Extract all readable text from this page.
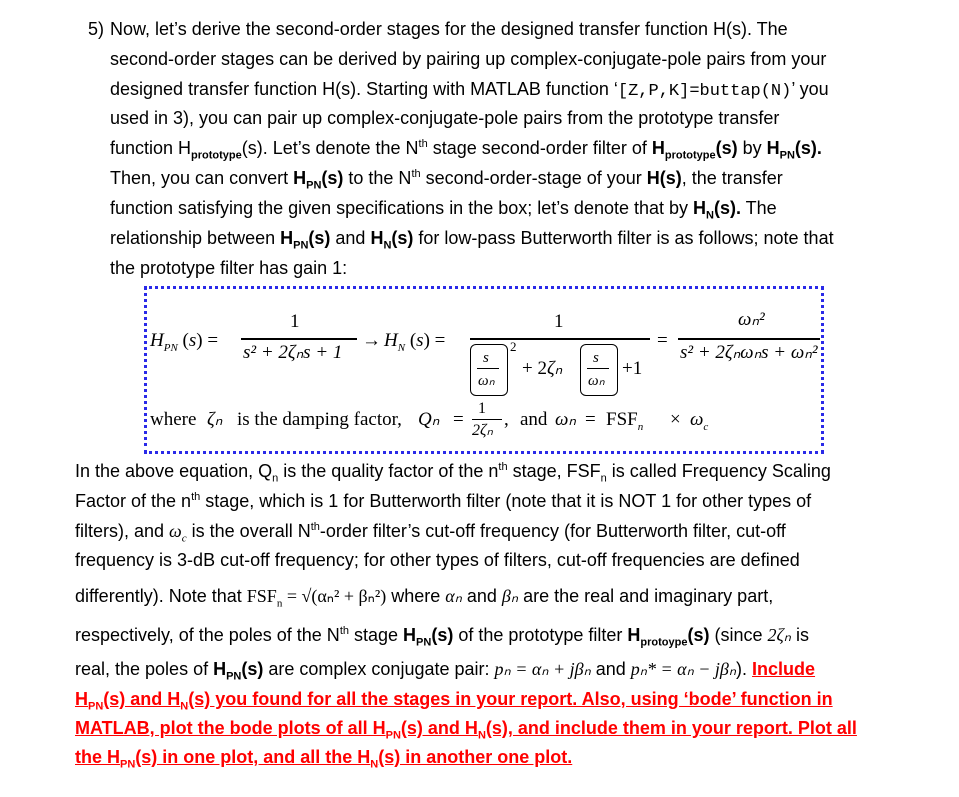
5) Now, let’s derive the second-order stages for the designed transfer function H(s). The
second-order stages can be derived by pairing up complex-conjugate-pole pairs from your
designed transfer function H(s). Starting with MATLAB function ‘[Z,P,K]=buttap(N)’ you
used in 3), you can pair up complex-conjugate-pole pairs from the prototype transfer
function $H_{prototype}(s)$. Let’s denote the $N^{th}$ stage second-order filter of $H_{prototype}(s)$ by $H_{PN}(s)$.
Then, you can convert $H_{PN}(s)$ to the $N^{th}$ second-order-stage of your H(s), the transfer
function satisfying the given specifications in the box; let’s denote that by $H_N(s)$. The
relationship between $H_{PN}(s)$ and $H_N(s)$ for low-pass Butterworth filter is as follows; note that
the prototype filter has gain 1:
$H_{PN}$ (s) =
1
s² + 2ζₙs + 1
→ $H_N$ (s) =
1
s
ωₙ
2
+ 2ζₙ s
ωₙ
+1
=
ωₙ²
s² + 2ζₙωₙs + ωₙ²
where ζₙ is the damping factor, Qₙ =
1
2ζₙ
, and $\omega_n = FSF_n \times \omega_c$
In the above equation, $Q_n$ is the quality factor of the $n^{th}$ stage, $FSF_n$ is called Frequency Scaling
Factor of the $n^{th}$ stage, which is 1 for Butterworth filter (note that it is NOT 1 for other types of
filters), and $\omega_c$ is the overall $N^{th}$-order filter’s cut-off frequency (for Butterworth filter, cut-off
frequency is 3-dB cut-off frequency; for other types of filters, cut-off frequencies are defined
differently). Note that $FSF_n = √(\alpha_n^2 + \beta_n^2)$ where αₙ and βₙ are the real and imaginary part,
respectively, of the poles of the $N^{th}$ stage $H_{PN}(s)$ of the prototype filter $H_{protoype}(s)$ (since 2ζₙ is
real, the poles of $H_{PN}(s)$ are complex conjugate pair: pₙ = αₙ + jβₙ and pₙ* = αₙ − jβₙ). Include
$H_{PN}(s)$ and $H_N(s)$ you found for all the stages in your report. Also, using ‘bode’ function in
MATLAB, plot the bode plots of all $H_{PN}(s)$ and $H_N(s)$, and include them in your report. Plot all
the $H_{PN}(s)$ in one plot, and all the $H_N(s)$ in another one plot.
